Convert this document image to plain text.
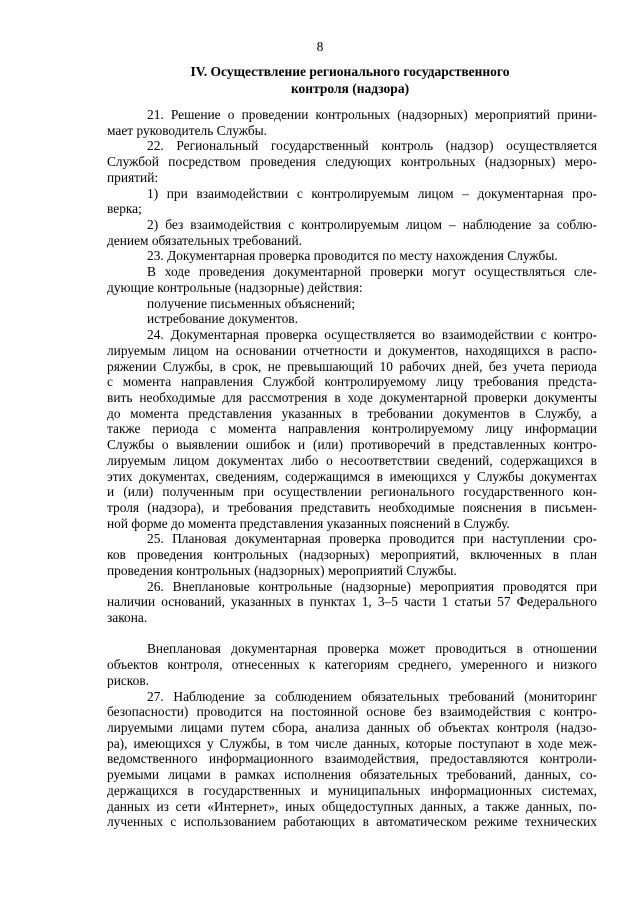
8
IV. Осуществление регионального государственного
контроля (надзора)
21. Решение о проведении контрольных (надзорных) мероприятий прини-
мает руководитель Службы.
22. Региональный государственный контроль (надзор) осуществляется
Службой посредством проведения следующих контрольных (надзорных) меро-
приятий:
1) при взаимодействии с контролируемым лицом – документарная про-
верка;
2) без взаимодействия с контролируемым лицом – наблюдение за соблю-
дением обязательных требований.
23. Документарная проверка проводится по месту нахождения Службы.
В ходе проведения документарной проверки могут осуществляться сле-
дующие контрольные (надзорные) действия:
получение письменных объяснений;
истребование документов.
24. Документарная проверка осуществляется во взаимодействии с контро-
лируемым лицом на основании отчетности и документов, находящихся в распо-
ряжении Службы, в срок, не превышающий 10 рабочих дней, без учета периода
с момента направления Службой контролируемому лицу требования предста-
вить необходимые для рассмотрения в ходе документарной проверки документы
до момента представления указанных в требовании документов в Службу, а
также периода с момента направления контролируемому лицу информации
Службы о выявлении ошибок и (или) противоречий в представленных контро-
лируемым лицом документах либо о несоответствии сведений, содержащихся в
этих документах, сведениям, содержащимся в имеющихся у Службы документах
и (или) полученным при осуществлении регионального государственного кон-
троля (надзора), и требования представить необходимые пояснения в письмен-
ной форме до момента представления указанных пояснений в Службу.
25. Плановая документарная проверка проводится при наступлении сро-
ков проведения контрольных (надзорных) мероприятий, включенных в план
проведения контрольных (надзорных) мероприятий Службы.
26. Внеплановые контрольные (надзорные) мероприятия проводятся при
наличии оснований, указанных в пунктах 1, 3–5 части 1 статьи 57 Федерального
закона.
Внеплановая документарная проверка может проводиться в отношении
объектов контроля, отнесенных к категориям среднего, умеренного и низкого
рисков.
27. Наблюдение за соблюдением обязательных требований (мониторинг
безопасности) проводится на постоянной основе без взаимодействия с контро-
лируемыми лицами путем сбора, анализа данных об объектах контроля (надзо-
ра), имеющихся у Службы, в том числе данных, которые поступают в ходе меж-
ведомственного информационного взаимодействия, предоставляются контроли-
руемыми лицами в рамках исполнения обязательных требований, данных, со-
держащихся в государственных и муниципальных информационных системах,
данных из сети «Интернет», иных общедоступных данных, а также данных, по-
лученных с использованием работающих в автоматическом режиме технических
